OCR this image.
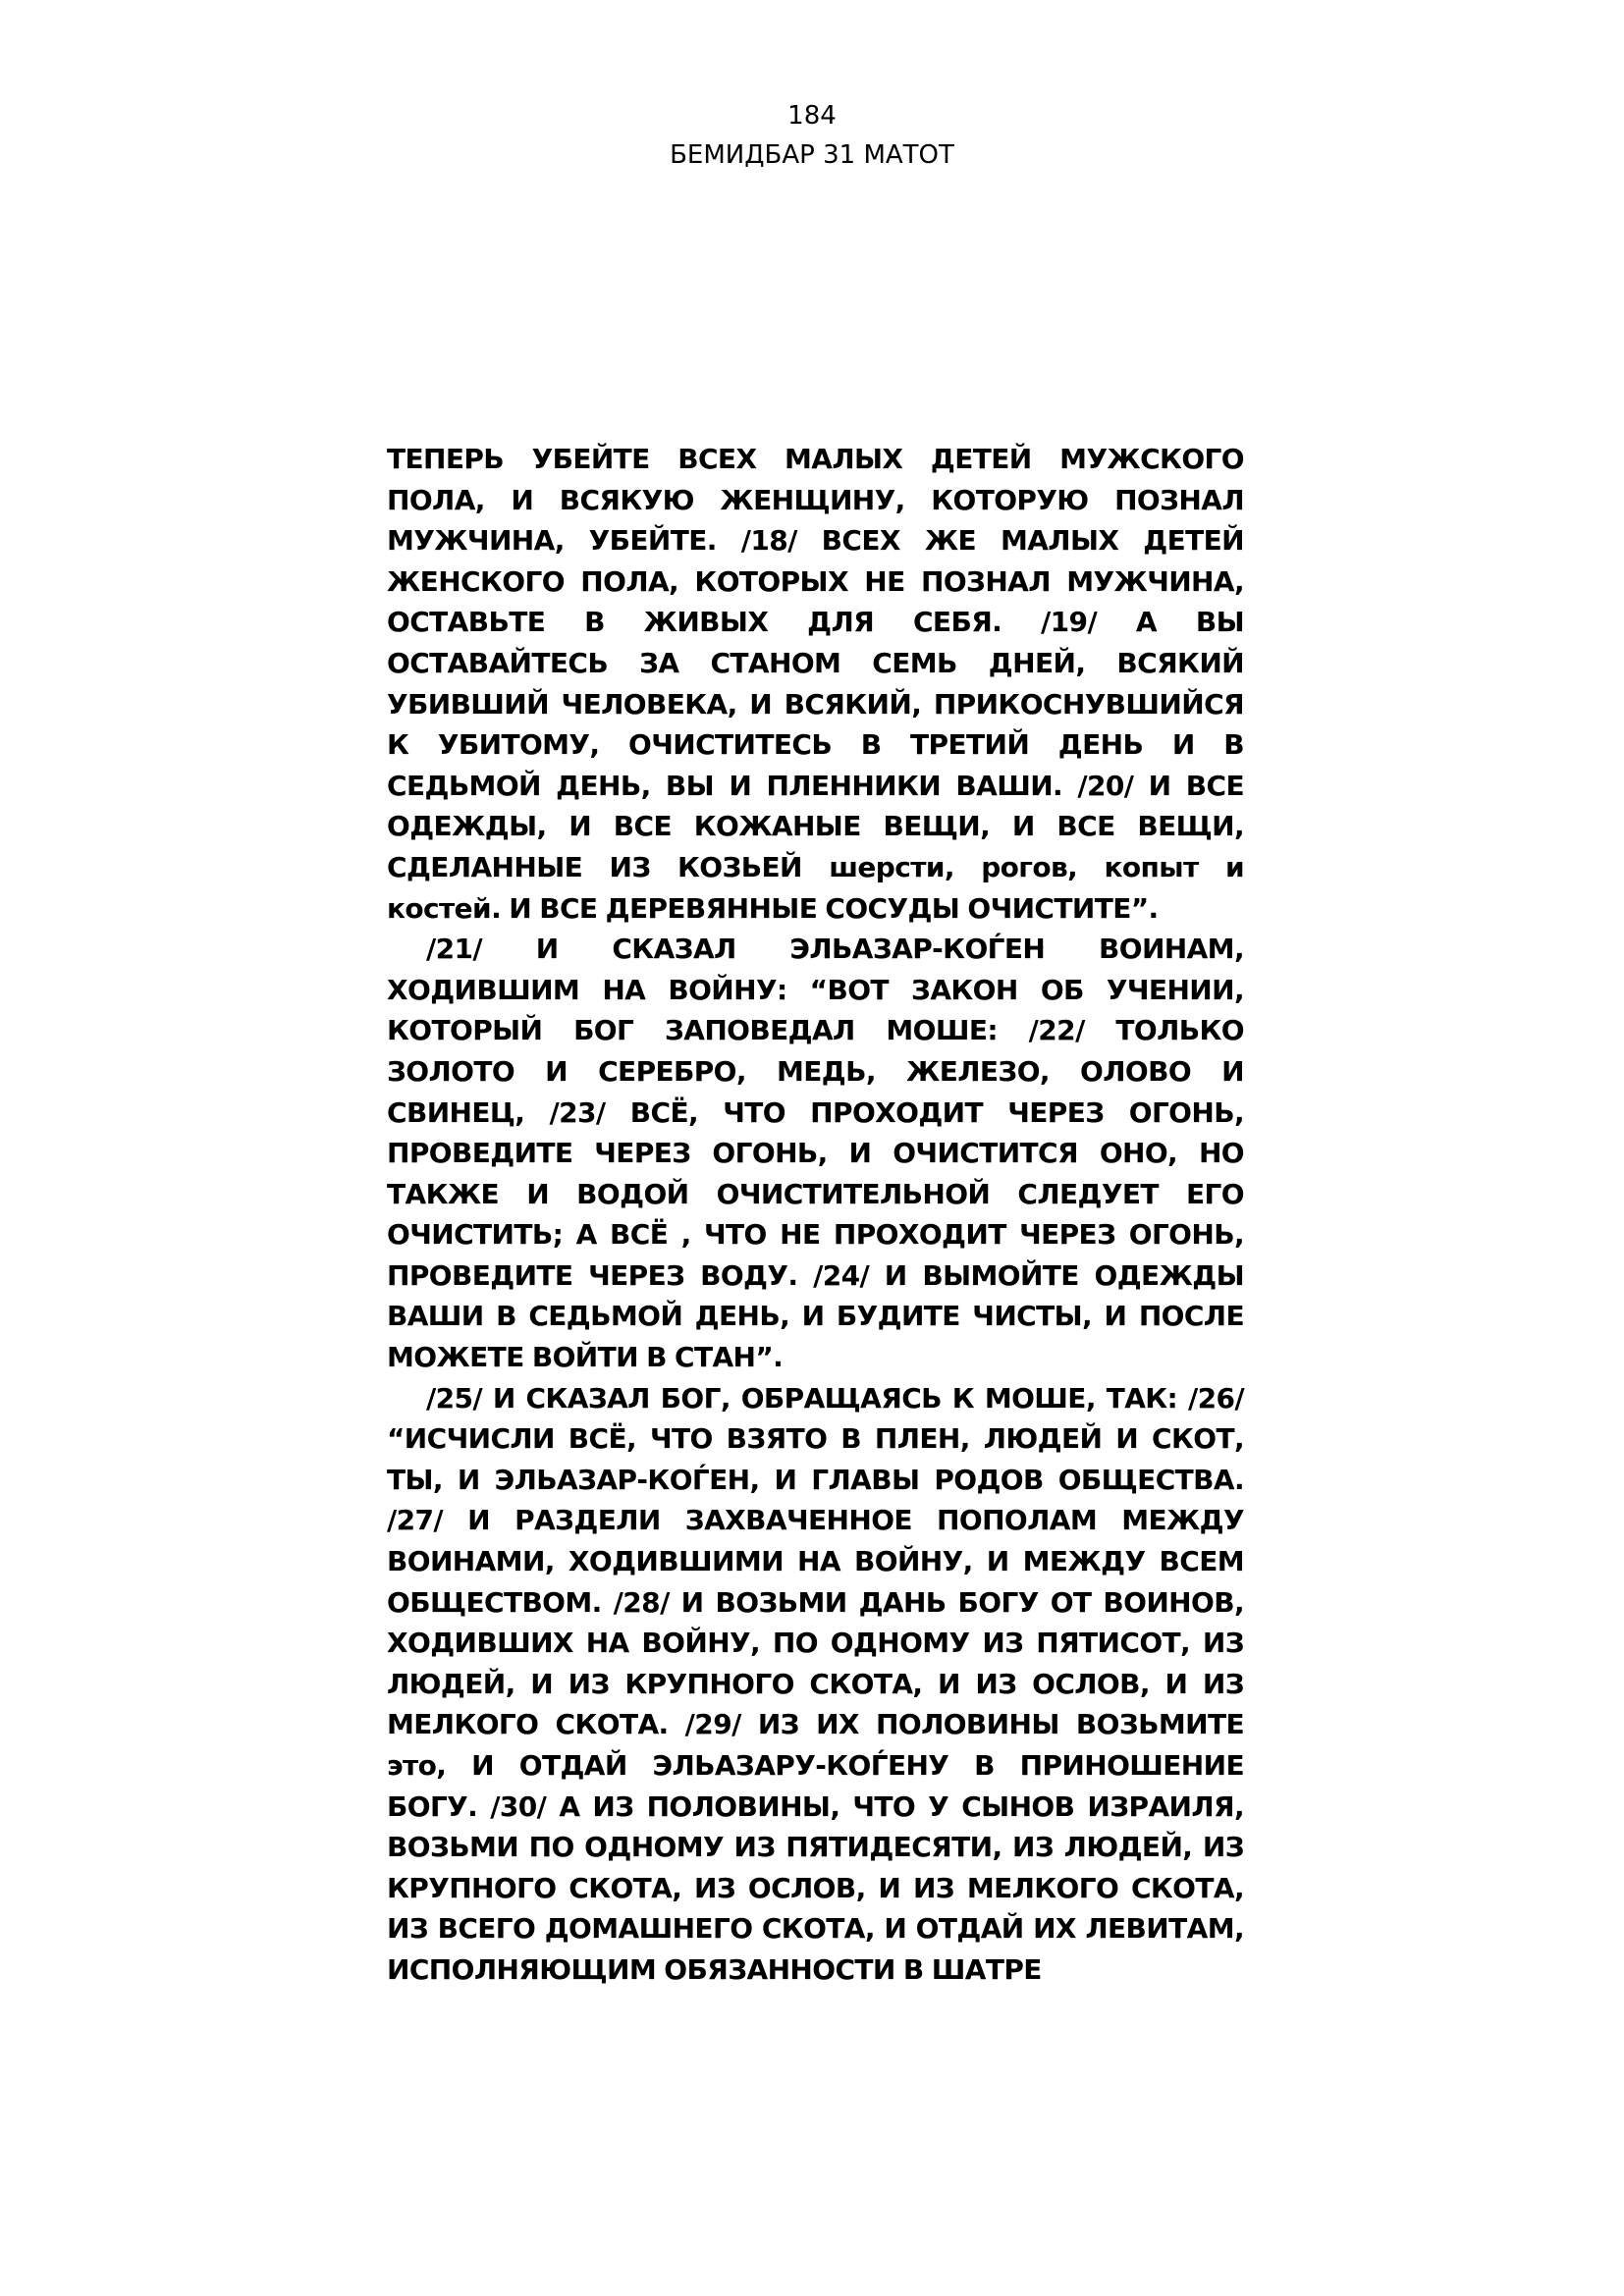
184
БЕМИДБАР 31 МАТОТ

ТЕПЕРЬ УБЕЙТЕ ВСЕХ МАЛЫХ ДЕТЕЙ МУЖСКОГО ПОЛА, И ВСЯКУЮ ЖЕНЩИНУ, КОТОРУЮ ПОЗНАЛ МУЖЧИНА, УБЕЙТЕ. /18/ ВСЕХ ЖЕ МАЛЫХ ДЕТЕЙ ЖЕНСКОГО ПОЛА, КОТОРЫХ НЕ ПОЗНАЛ МУЖЧИНА, ОСТАВЬТЕ В ЖИВЫХ ДЛЯ СЕБЯ. /19/ А ВЫ ОСТАВАЙТЕСЬ ЗА СТАНОМ СЕМЬ ДНЕЙ, ВСЯКИЙ УБИВШИЙ ЧЕЛОВЕКА, И ВСЯКИЙ, ПРИКОСНУВШИЙСЯ К УБИТОМУ, ОЧИСТИТЕСЬ В ТРЕТИЙ ДЕНЬ И В СЕДЬМОЙ ДЕНЬ, ВЫ И ПЛЕННИКИ ВАШИ. /20/ И ВСЕ ОДЕЖДЫ, И ВСЕ КОЖАНЫЕ ВЕЩИ, И ВСЕ ВЕЩИ, СДЕЛАННЫЕ ИЗ КОЗЬЕЙ шерсти, рогов, копыт и костей. И ВСЕ ДЕРЕВЯННЫЕ СОСУДЫ ОЧИСТИТЕ”.

/21/ И СКАЗАЛ ЭЛЬАЗАР-КОЃЕН ВОИНАМ, ХОДИВШИМ НА ВОЙНУ: “ВОТ ЗАКОН ОБ УЧЕНИИ, КОТОРЫЙ БОГ ЗАПОВЕДАЛ МОШЕ: /22/ ТОЛЬКО ЗОЛОТО И СЕРЕБРО, МЕДЬ, ЖЕЛЕЗО, ОЛОВО И СВИНЕЦ, /23/ ВСЁ, ЧТО ПРОХОДИТ ЧЕРЕЗ ОГОНЬ, ПРОВЕДИТЕ ЧЕРЕЗ ОГОНЬ, И ОЧИСТИТСЯ ОНО, НО ТАКЖЕ И ВОДОЙ ОЧИСТИТЕЛЬНОЙ СЛЕДУЕТ ЕГО ОЧИСТИТЬ; А ВСЁ , ЧТО НЕ ПРОХОДИТ ЧЕРЕЗ ОГОНЬ, ПРОВЕДИТЕ ЧЕРЕЗ ВОДУ. /24/ И ВЫМОЙТЕ ОДЕЖДЫ ВАШИ В СЕДЬМОЙ ДЕНЬ, И БУДИТЕ ЧИСТЫ, И ПОСЛЕ МОЖЕТЕ ВОЙТИ В СТАН”.

/25/ И СКАЗАЛ БОГ, ОБРАЩАЯСЬ К МОШЕ, ТАК: /26/ “ИСЧИСЛИ ВСЁ, ЧТО ВЗЯТО В ПЛЕН, ЛЮДЕЙ И СКОТ, ТЫ, И ЭЛЬАЗАР-КОЃЕН, И ГЛАВЫ РОДОВ ОБЩЕСТВА. /27/ И РАЗДЕЛИ ЗАХВАЧЕННОЕ ПОПОЛАМ МЕЖДУ ВОИНАМИ, ХОДИВШИМИ НА ВОЙНУ, И МЕЖДУ ВСЕМ ОБЩЕСТВОМ. /28/ И ВОЗЬМИ ДАНЬ БОГУ ОТ ВОИНОВ, ХОДИВШИХ НА ВОЙНУ, ПО ОДНОМУ ИЗ ПЯТИСОТ, ИЗ ЛЮДЕЙ, И ИЗ КРУПНОГО СКОТА, И ИЗ ОСЛОВ, И ИЗ МЕЛКОГО СКОТА. /29/ ИЗ ИХ ПОЛОВИНЫ ВОЗЬМИТЕ это, И ОТДАЙ ЭЛЬАЗАРУ-КОЃЕНУ В ПРИНОШЕНИЕ БОГУ. /30/ А ИЗ ПОЛОВИНЫ, ЧТО У СЫНОВ ИЗРАИЛЯ, ВОЗЬМИ ПО ОДНОМУ ИЗ ПЯТИДЕСЯТИ, ИЗ ЛЮДЕЙ, ИЗ КРУПНОГО СКОТА, ИЗ ОСЛОВ, И ИЗ МЕЛКОГО СКОТА, ИЗ ВСЕГО ДОМАШНЕГО СКОТА, И ОТДАЙ ИХ ЛЕВИТАМ, ИСПОЛНЯЮЩИМ ОБЯЗАННОСТИ В ШАТРЕ
